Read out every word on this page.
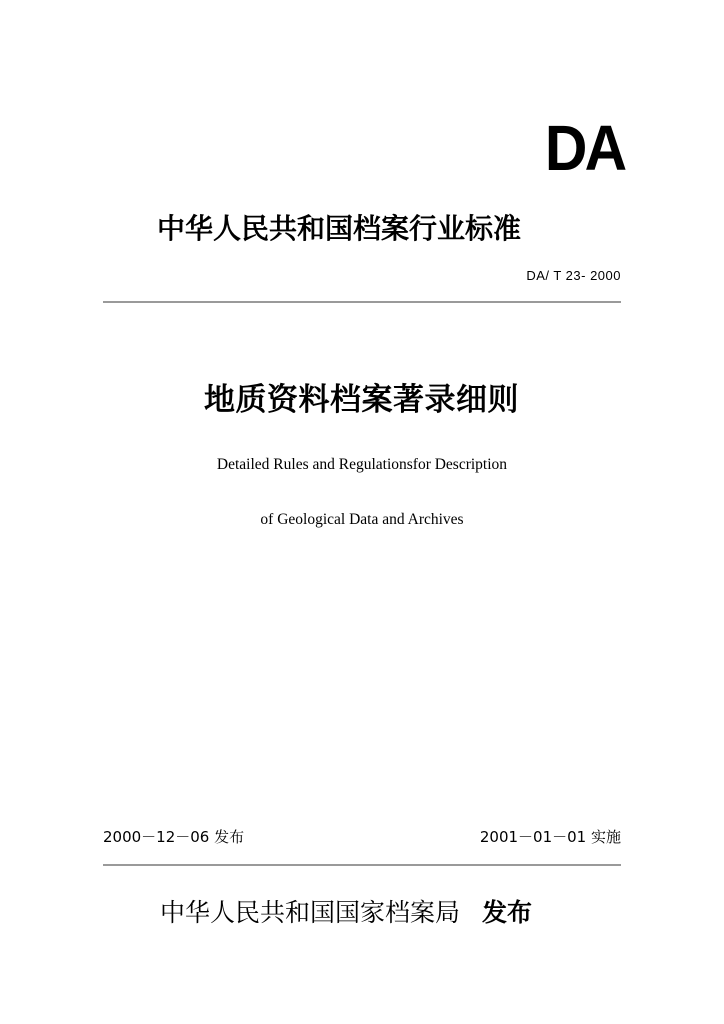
DA
中华人民共和国档案行业标准
DA/ T 23- 2000
地质资料档案著录细则
Detailed Rules and Regulationsfor Description
of Geological Data and Archives
2000－12－06 发布	2001－01－01 实施
中华人民共和国国家档案局 发布
